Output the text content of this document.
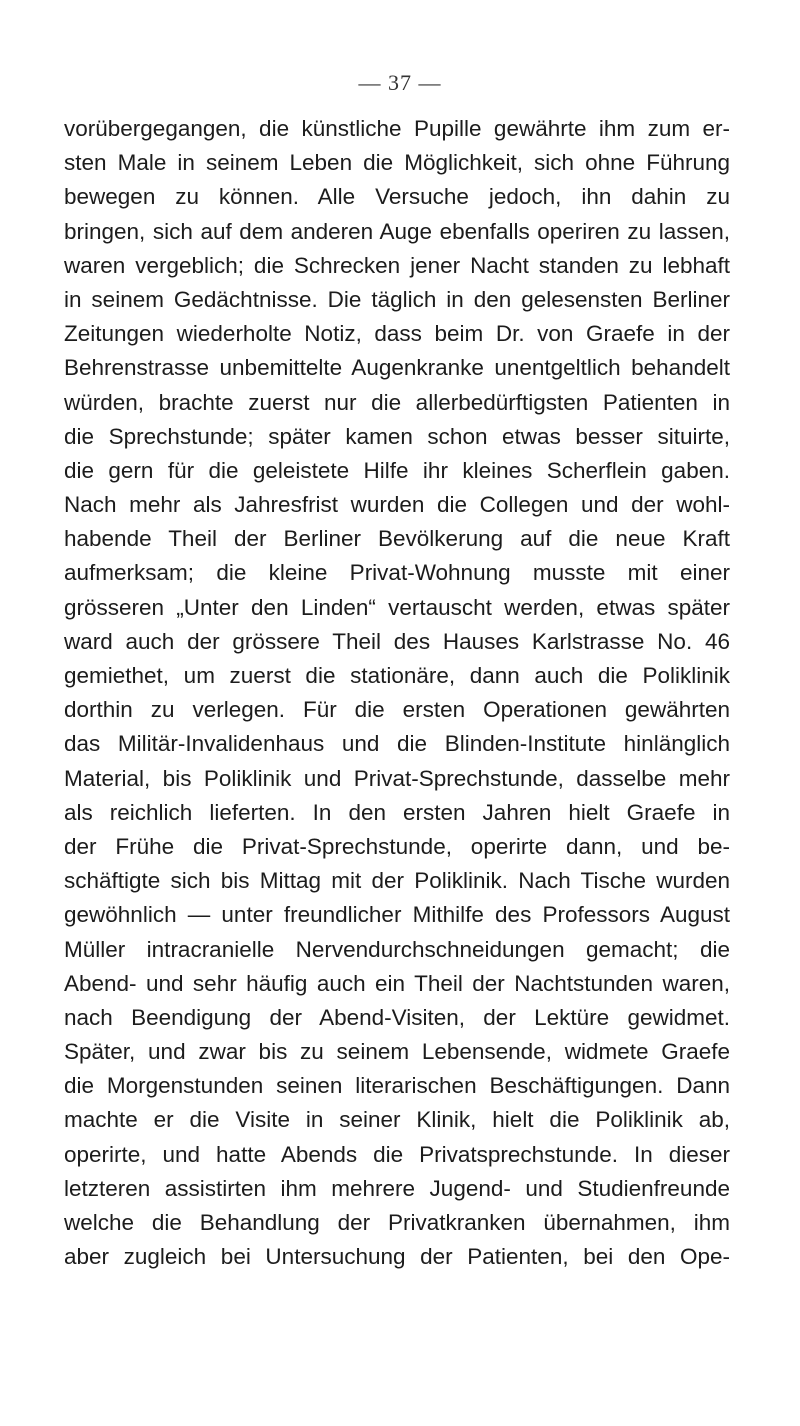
— 37 —
vorübergegangen, die künstliche Pupille gewährte ihm zum er-
sten Male in seinem Leben die Möglichkeit, sich ohne Führung
bewegen zu können. Alle Versuche jedoch, ihn dahin zu
bringen, sich auf dem anderen Auge ebenfalls operiren zu lassen,
waren vergeblich; die Schrecken jener Nacht standen zu lebhaft
in seinem Gedächtnisse. Die täglich in den gelesensten Berliner
Zeitungen wiederholte Notiz, dass beim Dr. von Graefe in der
Behrenstrasse unbemittelte Augenkranke unentgeltlich behandelt
würden, brachte zuerst nur die allerbedürftigsten Patienten in
die Sprechstunde; später kamen schon etwas besser situirte,
die gern für die geleistete Hilfe ihr kleines Scherflein gaben.
Nach mehr als Jahresfrist wurden die Collegen und der wohl-
habende Theil der Berliner Bevölkerung auf die neue Kraft
aufmerksam; die kleine Privat-Wohnung musste mit einer
grösseren „Unter den Linden“ vertauscht werden, etwas später
ward auch der grössere Theil des Hauses Karlstrasse No. 46
gemiethet, um zuerst die stationäre, dann auch die Poliklinik
dorthin zu verlegen. Für die ersten Operationen gewährten
das Militär-Invalidenhaus und die Blinden-Institute hinlänglich
Material, bis Poliklinik und Privat-Sprechstunde, dasselbe mehr
als reichlich lieferten. In den ersten Jahren hielt Graefe in
der Frühe die Privat-Sprechstunde, operirte dann, und be-
schäftigte sich bis Mittag mit der Poliklinik. Nach Tische wurden
gewöhnlich — unter freundlicher Mithilfe des Professors August
Müller intracranielle Nervendurchschneidungen gemacht; die
Abend- und sehr häufig auch ein Theil der Nachtstunden waren,
nach Beendigung der Abend-Visiten, der Lektüre gewidmet.
Später, und zwar bis zu seinem Lebensende, widmete Graefe
die Morgenstunden seinen literarischen Beschäftigungen. Dann
machte er die Visite in seiner Klinik, hielt die Poliklinik ab,
operirte, und hatte Abends die Privatsprechstunde. In dieser
letzteren assistirten ihm mehrere Jugend- und Studienfreunde
welche die Behandlung der Privatkranken übernahmen, ihm
aber zugleich bei Untersuchung der Patienten, bei den Ope-
